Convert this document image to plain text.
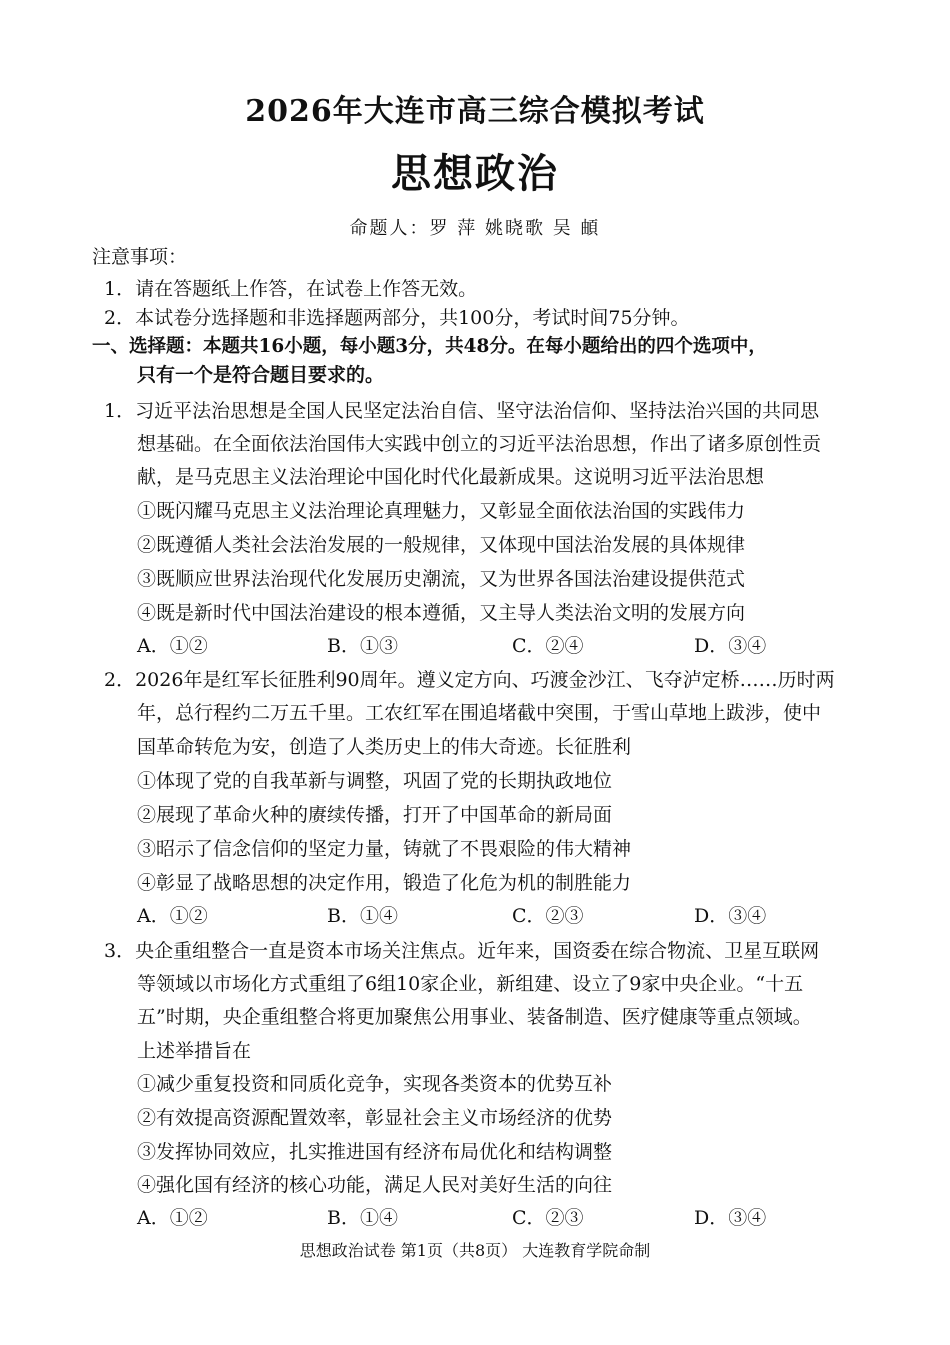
2026年大连市高三综合模拟考试
思想政治
命题人：罗 萍 姚晓歌 吴 頔
注意事项：
1．请在答题纸上作答，在试卷上作答无效。
2．本试卷分选择题和非选择题两部分，共100分，考试时间75分钟。
一、选择题：本题共16小题，每小题3分，共48分。在每小题给出的四个选项中，
只有一个是符合题目要求的。
1．习近平法治思想是全国人民坚定法治自信、坚守法治信仰、坚持法治兴国的共同思
想基础。在全面依法治国伟大实践中创立的习近平法治思想，作出了诸多原创性贡
献，是马克思主义法治理论中国化时代化最新成果。这说明习近平法治思想
①既闪耀马克思主义法治理论真理魅力，又彰显全面依法治国的实践伟力
②既遵循人类社会法治发展的一般规律，又体现中国法治发展的具体规律
③既顺应世界法治现代化发展历史潮流，又为世界各国法治建设提供范式
④既是新时代中国法治建设的根本遵循，又主导人类法治文明的发展方向
A．①②	B．①③	C．②④	D．③④
2．2026年是红军长征胜利90周年。遵义定方向、巧渡金沙江、飞夺泸定桥……历时两
年，总行程约二万五千里。工农红军在围追堵截中突围，于雪山草地上跋涉，使中
国革命转危为安，创造了人类历史上的伟大奇迹。长征胜利
①体现了党的自我革新与调整，巩固了党的长期执政地位
②展现了革命火种的赓续传播，打开了中国革命的新局面
③昭示了信念信仰的坚定力量，铸就了不畏艰险的伟大精神
④彰显了战略思想的决定作用，锻造了化危为机的制胜能力
A．①②	B．①④	C．②③	D．③④
3．央企重组整合一直是资本市场关注焦点。近年来，国资委在综合物流、卫星互联网
等领域以市场化方式重组了6组10家企业，新组建、设立了9家中央企业。“十五
五”时期，央企重组整合将更加聚焦公用事业、装备制造、医疗健康等重点领域。
上述举措旨在
①减少重复投资和同质化竞争，实现各类资本的优势互补
②有效提高资源配置效率，彰显社会主义市场经济的优势
③发挥协同效应，扎实推进国有经济布局优化和结构调整
④强化国有经济的核心功能，满足人民对美好生活的向往
A．①②	B．①④	C．②③	D．③④
思想政治试卷 第1页（共8页） 大连教育学院命制
